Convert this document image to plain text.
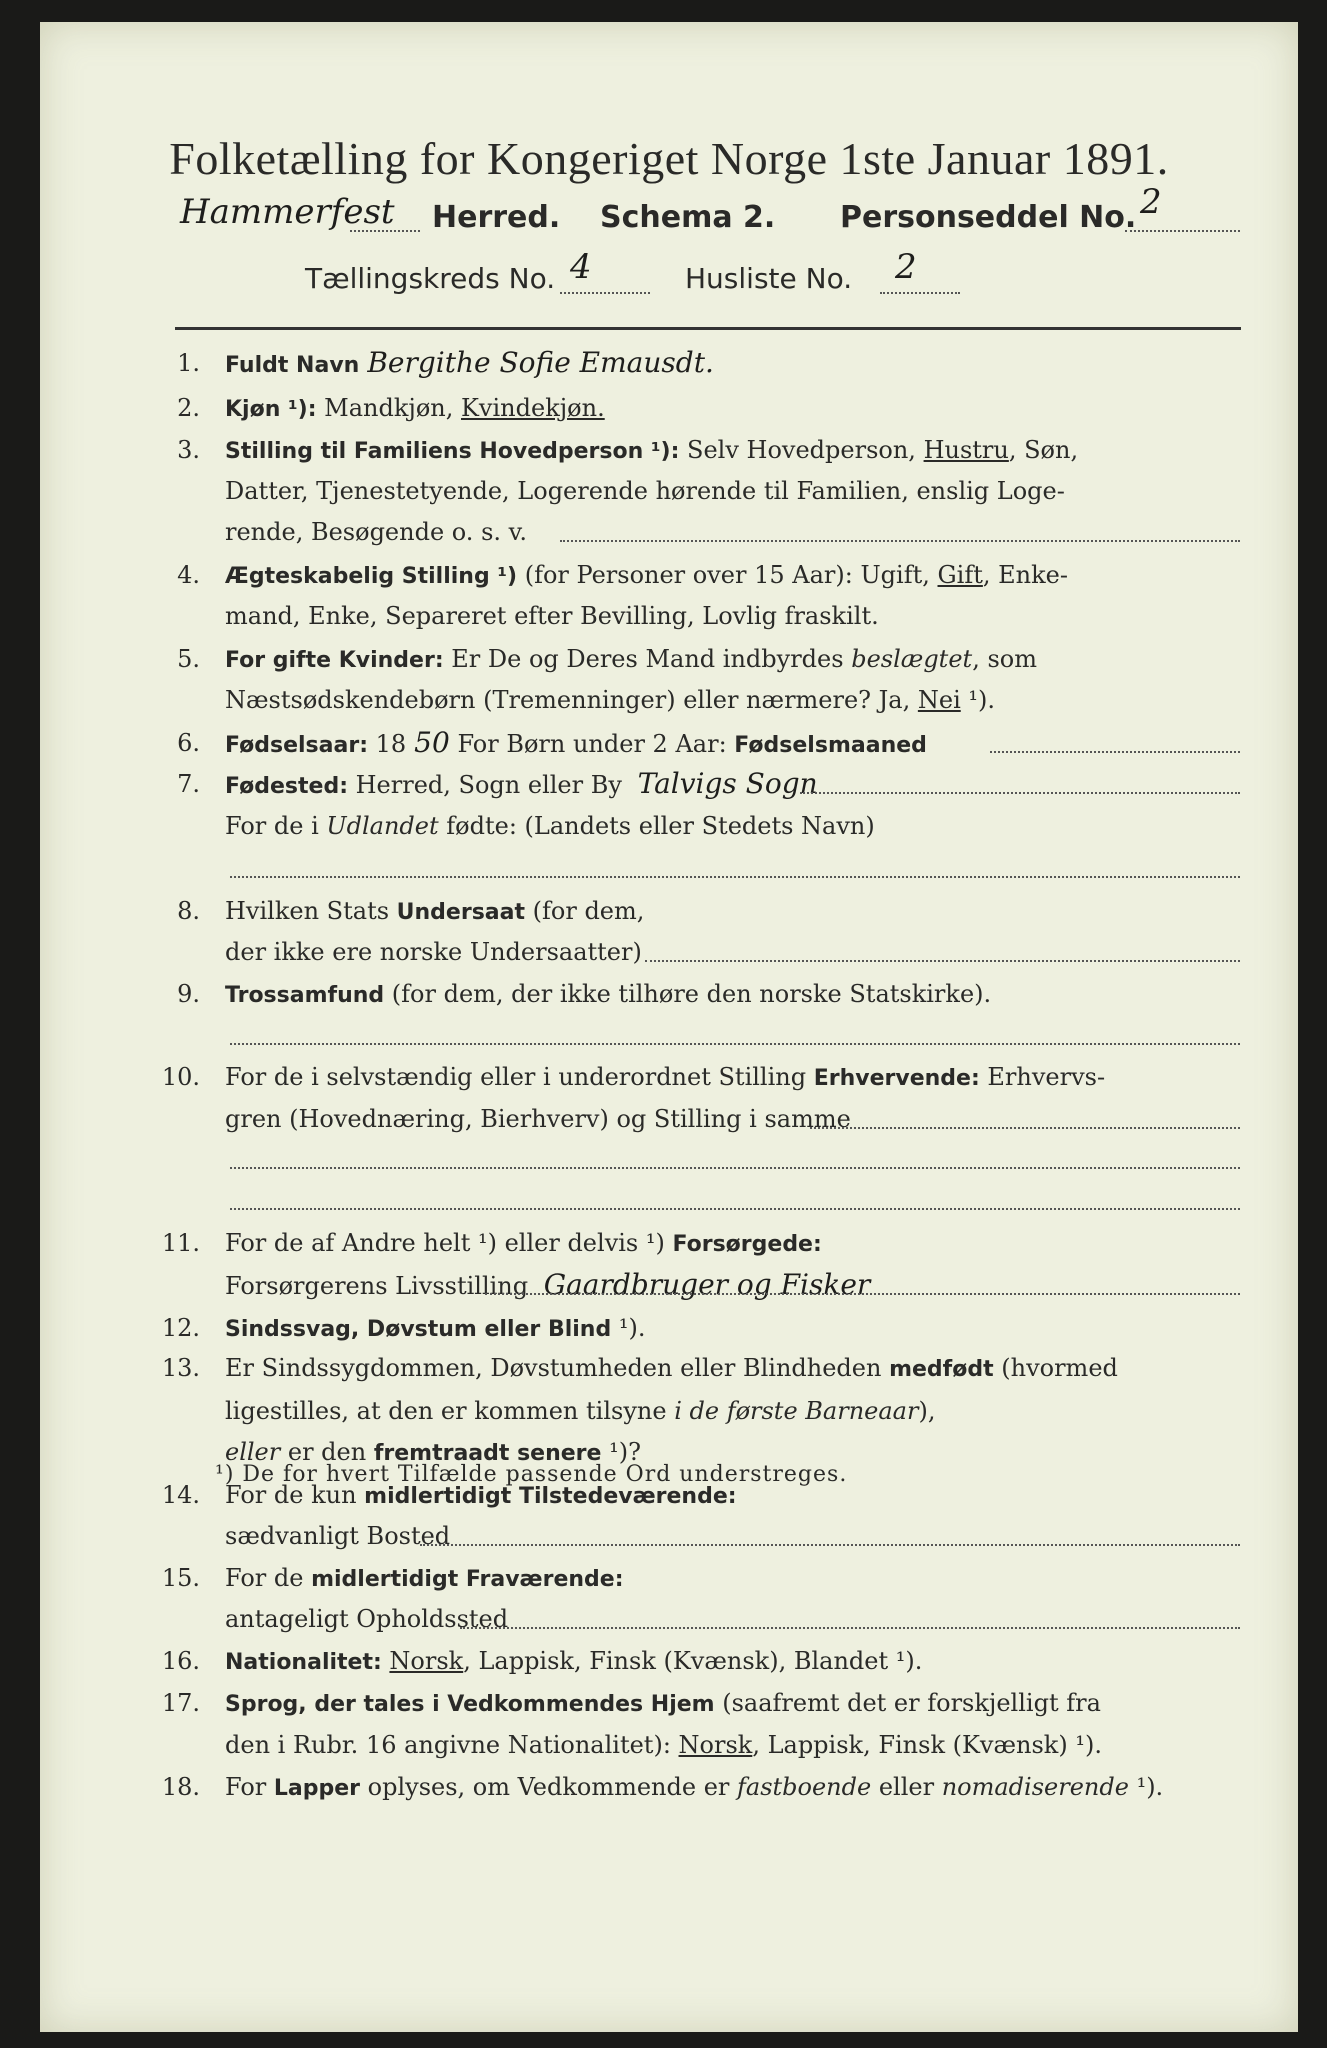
Folketælling for Kongeriget Norge 1ste Januar 1891.
Hammerfest Herred. Schema 2. Personseddel No. 2
Tællingskreds No. 4	Husliste No. 2
1. Fuldt Navn Bergithe Sofie Emausdt.
2. Kjøn ¹): Mandkjøn, Kvindekjøn.
3. Stilling til Familiens Hovedperson ¹): Selv Hovedperson, Hustru, Søn,
Datter, Tjenestetyende, Logerende hørende til Familien, enslig Loge-
rende, Besøgende o. s. v.
4. Ægteskabelig Stilling ¹) (for Personer over 15 Aar): Ugift, Gift, Enke-
mand, Enke, Separeret efter Bevilling, Lovlig fraskilt.
5. For gifte Kvinder: Er De og Deres Mand indbyrdes beslægtet, som
Næstsødskendebørn (Tremenninger) eller nærmere? Ja, Nei ¹).
6. Fødselsaar: 18 50 For Børn under 2 Aar: Fødselsmaaned
7. Fødested: Herred, Sogn eller By Talvigs Sogn
For de i Udlandet fødte: (Landets eller Stedets Navn)
8. Hvilken Stats Undersaat (for dem,
der ikke ere norske Undersaatter)
9. Trossamfund (for dem, der ikke tilhøre den norske Statskirke).
10. For de i selvstændig eller i underordnet Stilling Erhvervende: Erhvervs-
gren (Hovednæring, Bierhverv) og Stilling i samme
11. For de af Andre helt ¹) eller delvis ¹) Forsørgede:
Forsørgerens Livsstilling Gaardbruger og Fisker
12. Sindssvag, Døvstum eller Blind ¹).
13. Er Sindssygdommen, Døvstumheden eller Blindheden medfødt (hvormed
ligestilles, at den er kommen tilsyne i de første Barneaar),
eller er den fremtraadt senere ¹)?
14. For de kun midlertidigt Tilstedeværende:
sædvanligt Bosted
15. For de midlertidigt Fraværende:
antageligt Opholdssted
16. Nationalitet: Norsk, Lappisk, Finsk (Kvænsk), Blandet ¹).
17. Sprog, der tales i Vedkommendes Hjem (saafremt det er forskjelligt fra
den i Rubr. 16 angivne Nationalitet): Norsk, Lappisk, Finsk (Kvænsk) ¹).
18. For Lapper oplyses, om Vedkommende er fastboende eller nomadiserende ¹).
¹) De for hvert Tilfælde passende Ord understreges.
